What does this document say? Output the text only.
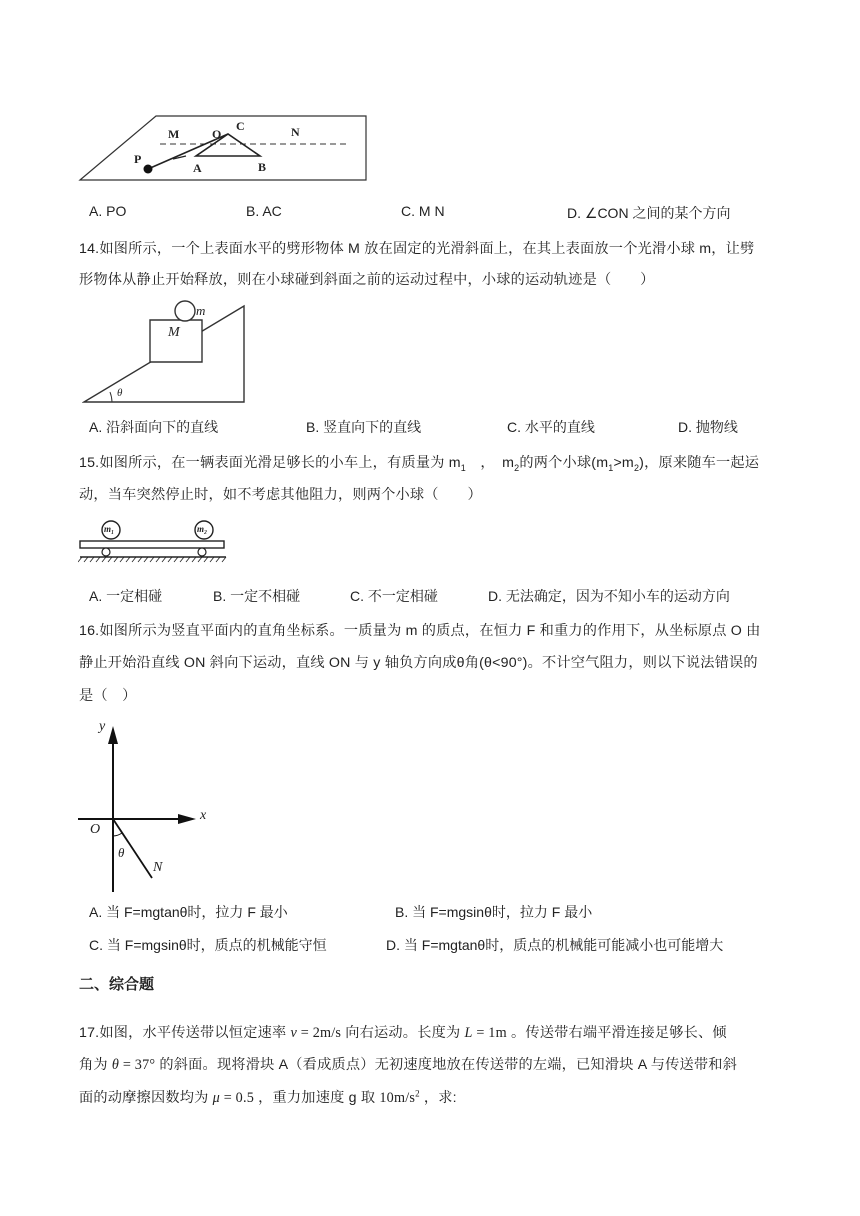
M	O
C	N
P
A	B
A. PO	B. AC	C. M N	D. ∠CON 之间的某个方向
14.如图所示，一个上表面水平的劈形物体 M 放在固定的光滑斜面上，在其上表面放一个光滑小球 m，让劈
形物体从静止开始释放，则在小球碰到斜面之前的运动过程中，小球的运动轨迹是（　　）
m
M
θ
A. 沿斜面向下的直线	B. 竖直向下的直线	C. 水平的直线	D. 抛物线
15.如图所示，在一辆表面光滑足够长的小车上，有质量为 $m_1$　，　$m_2$的两个小球$(m_1>m_2)$，原来随车一起运
动，当车突然停止时，如不考虑其他阻力，则两个小球（　　）
m₁	m₂
A. 一定相碰	B. 一定不相碰	C. 不一定相碰	D. 无法确定，因为不知小车的运动方向
16.如图所示为竖直平面内的直角坐标系。一质量为 m 的质点，在恒力 F 和重力的作用下，从坐标原点 O 由
静止开始沿直线 ON 斜向下运动，直线 ON 与 y 轴负方向成θ角(θ<90°)。不计空气阻力，则以下说法错误的
是（　）
y
x
O
θ
N
A. 当 F=mgtanθ时，拉力 F 最小	B. 当 F=mgsinθ时，拉力 F 最小
C. 当 F=mgsinθ时，质点的机械能守恒	D. 当 F=mgtanθ时，质点的机械能可能减小也可能增大
二、综合题
17.如图，水平传送带以恒定速率 v = 2m/s 向右运动。长度为 L = 1m 。传送带右端平滑连接足够长、倾
角为 θ = 37° 的斜面。现将滑块 A（看成质点）无初速度地放在传送带的左端，已知滑块 A 与传送带和斜
面的动摩擦因数均为 μ = 0.5 ，重力加速度 g 取 $10m/s^2$ ，求:
